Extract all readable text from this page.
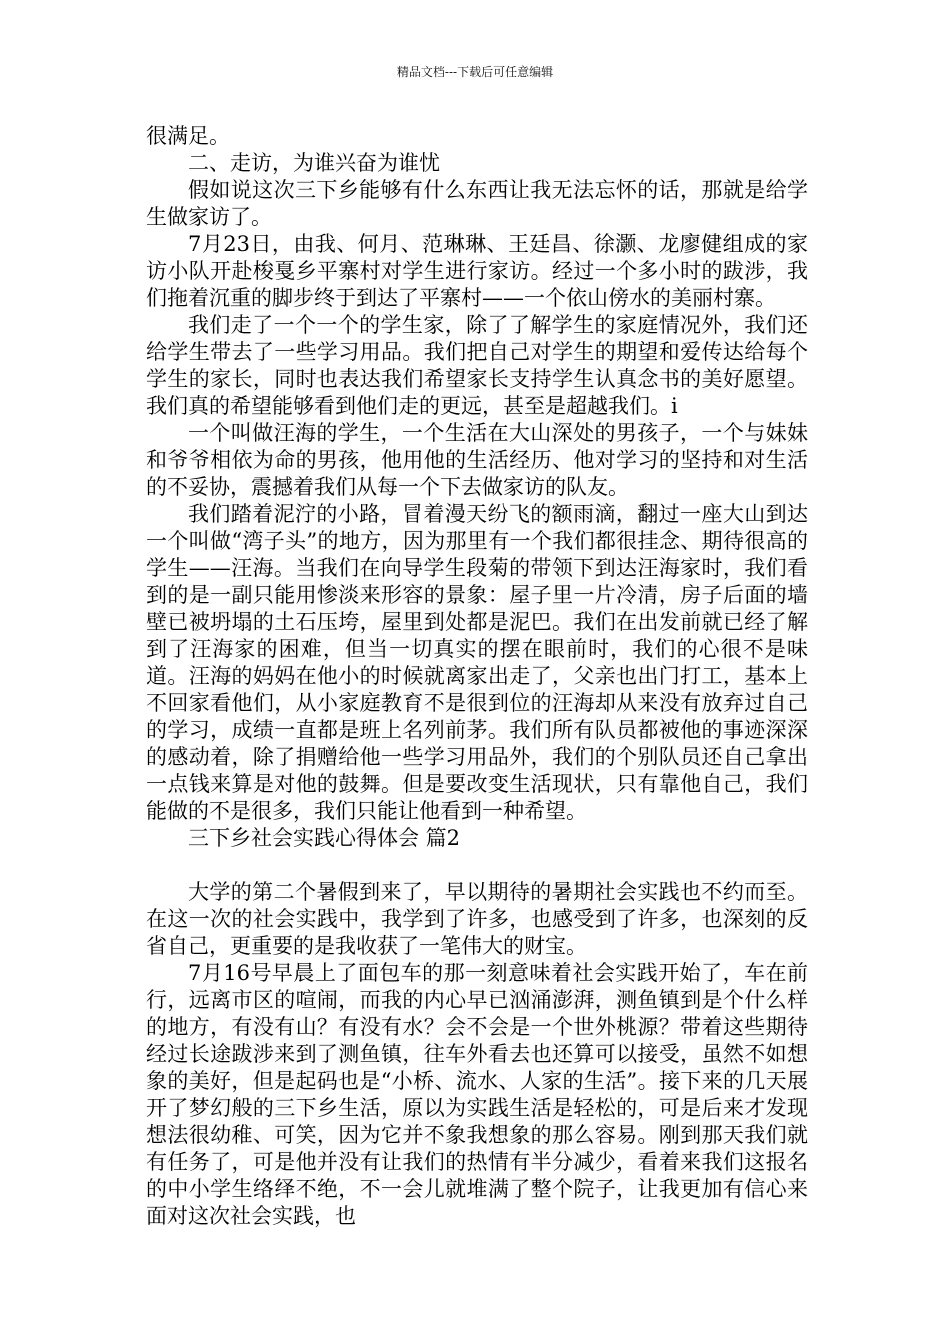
精品文档---下载后可任意编辑

很满足。

二、走访，为谁兴奋为谁忧

假如说这次三下乡能够有什么东西让我无法忘怀的话，那就是给学生做家访了。

7月23日，由我、何月、范琳琳、王廷昌、徐灏、龙廖健组成的家访小队开赴梭戛乡平寨村对学生进行家访。经过一个多小时的跋涉，我们拖着沉重的脚步终于到达了平寨村——一个依山傍水的美丽村寨。

我们走了一个一个的学生家，除了了解学生的家庭情况外，我们还给学生带去了一些学习用品。我们把自己对学生的期望和爱传达给每个学生的家长，同时也表达我们希望家长支持学生认真念书的美好愿望。我们真的希望能够看到他们走的更远，甚至是超越我们。i

一个叫做汪海的学生，一个生活在大山深处的男孩子，一个与妹妹和爷爷相依为命的男孩，他用他的生活经历、他对学习的坚持和对生活的不妥协，震撼着我们从每一个下去做家访的队友。

我们踏着泥泞的小路，冒着漫天纷飞的额雨滴，翻过一座大山到达一个叫做“湾子头”的地方，因为那里有一个我们都很挂念、期待很高的学生——汪海。当我们在向导学生段菊的带领下到达汪海家时，我们看到的是一副只能用惨淡来形容的景象：屋子里一片冷清，房子后面的墙壁已被坍塌的土石压垮，屋里到处都是泥巴。我们在出发前就已经了解到了汪海家的困难，但当一切真实的摆在眼前时，我们的心很不是味道。汪海的妈妈在他小的时候就离家出走了，父亲也出门打工，基本上不回家看他们，从小家庭教育不是很到位的汪海却从来没有放弃过自己的学习，成绩一直都是班上名列前茅。我们所有队员都被他的事迹深深的感动着，除了捐赠给他一些学习用品外，我们的个别队员还自己拿出一点钱来算是对他的鼓舞。但是要改变生活现状，只有靠他自己，我们能做的不是很多，我们只能让他看到一种希望。

三下乡社会实践心得体会 篇2

大学的第二个暑假到来了，早以期待的暑期社会实践也不约而至。在这一次的社会实践中，我学到了许多，也感受到了许多，也深刻的反省自己，更重要的是我收获了一笔伟大的财宝。

7月16号早晨上了面包车的那一刻意味着社会实践开始了，车在前行，远离市区的喧闹，而我的内心早已汹涌澎湃，测鱼镇到是个什么样的地方，有没有山？有没有水？会不会是一个世外桃源？带着这些期待经过长途跋涉来到了测鱼镇，往车外看去也还算可以接受，虽然不如想象的美好，但是起码也是“小桥、流水、人家的生活”。接下来的几天展开了梦幻般的三下乡生活，原以为实践生活是轻松的，可是后来才发现想法很幼稚、可笑，因为它并不象我想象的那么容易。刚到那天我们就有任务了，可是他并没有让我们的热情有半分减少，看着来我们这报名的中小学生络绎不绝，不一会儿就堆满了整个院子，让我更加有信心来面对这次社会实践，也
